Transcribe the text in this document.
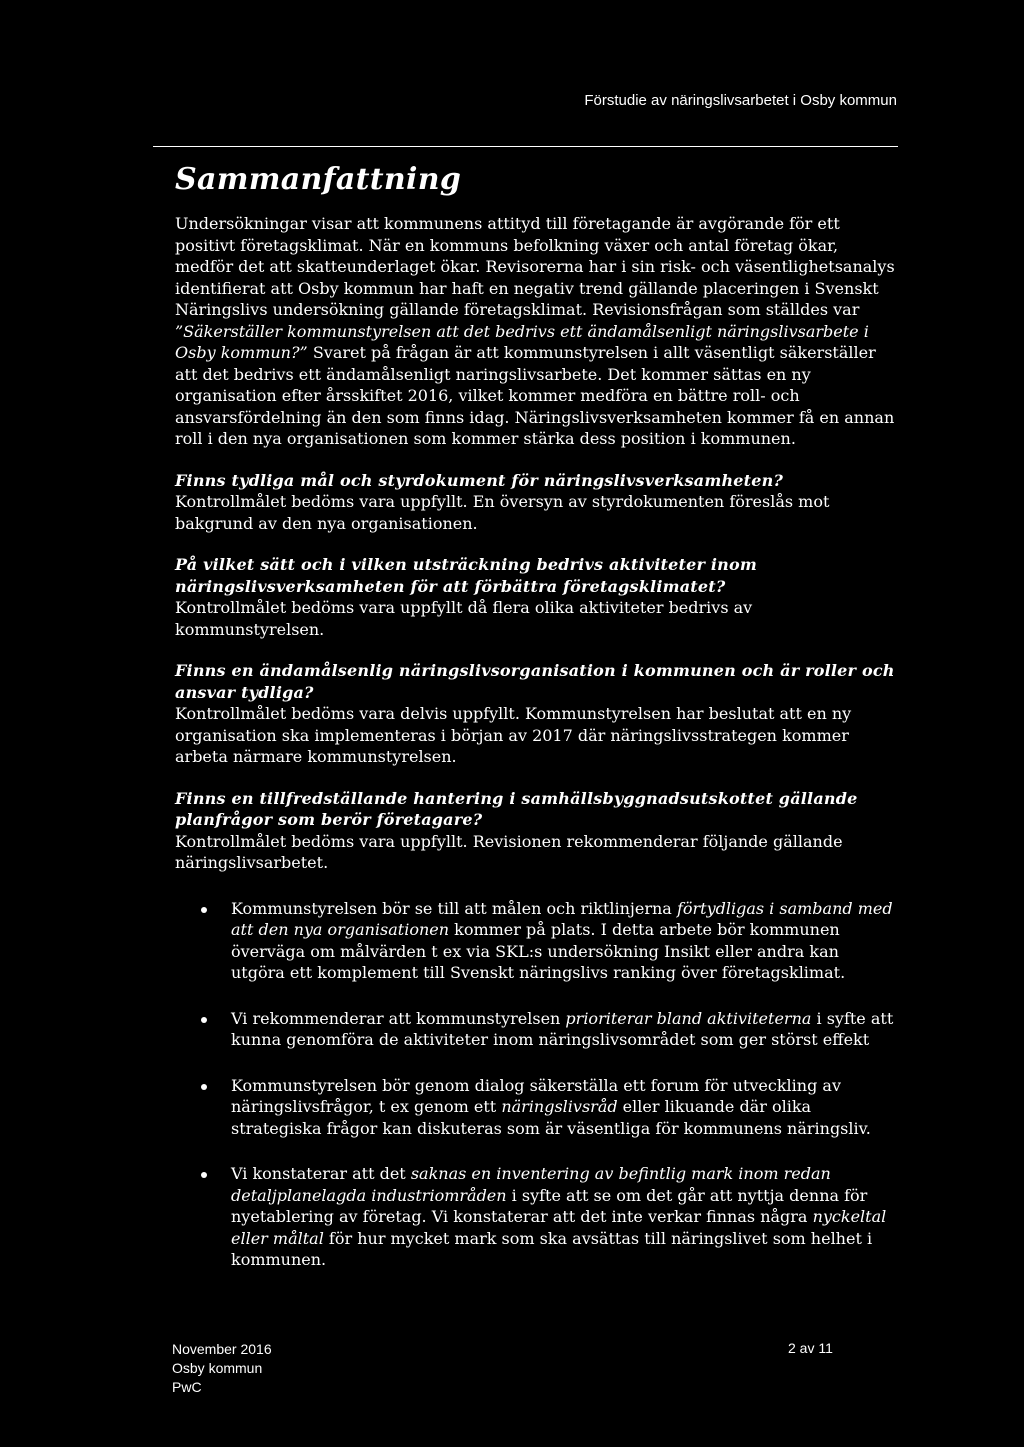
Förstudie av näringslivsarbetet i Osby kommun
Sammanfattning

Undersökningar visar att kommunens attityd till företagande är avgörande för ett positivt företagsklimat. När en kommuns befolkning växer och antal företag ökar, medför det att skatteunderlaget ökar. Revisorerna har i sin risk- och väsentlighetsanalys identifierat att Osby kommun har haft en negativ trend gällande placeringen i Svenskt Näringslivs undersökning gällande företagsklimat. Revisionsfrågan som ställdes var ”Säkerställer kommunstyrelsen att det bedrivs ett ändamålsenligt näringslivsarbete i Osby kommun?” Svaret på frågan är att kommunstyrelsen i allt väsentligt säkerställer att det bedrivs ett ändamålsenligt naringslivsarbete. Det kommer sättas en ny organisation efter årsskiftet 2016, vilket kommer medföra en bättre roll- och ansvarsfördelning än den som finns idag. Näringslivsverksamheten kommer få en annan roll i den nya organisationen som kommer stärka dess position i kommunen.

Finns tydliga mål och styrdokument för näringslivsverksamheten?

Kontrollmålet bedöms vara uppfyllt. En översyn av styrdokumenten föreslås mot bakgrund av den nya organisationen.

På vilket sätt och i vilken utsträckning bedrivs aktiviteter inom näringslivsverksamheten för att förbättra företagsklimatet?

Kontrollmålet bedöms vara uppfyllt då flera olika aktiviteter bedrivs av kommunstyrelsen.

Finns en ändamålsenlig näringslivsorganisation i kommunen och är roller och ansvar tydliga?

Kontrollmålet bedöms vara delvis uppfyllt. Kommunstyrelsen har beslutat att en ny organisation ska implementeras i början av 2017 där näringslivsstrategen kommer arbeta närmare kommunstyrelsen.

Finns en tillfredställande hantering i samhällsbyggnadsutskottet gällande planfrågor som berör företagare?

Kontrollmålet bedöms vara uppfyllt. Revisionen rekommenderar följande gällande näringslivsarbetet.

Kommunstyrelsen bör se till att målen och riktlinjerna förtydligas i samband med att den nya organisationen kommer på plats. I detta arbete bör kommunen överväga om målvärden t ex via SKL:s undersökning Insikt eller andra kan utgöra ett komplement till Svenskt näringslivs ranking över företagsklimat.
Vi rekommenderar att kommunstyrelsen prioriterar bland aktiviteterna i syfte att kunna genomföra de aktiviteter inom näringslivsområdet som ger störst effekt
Kommunstyrelsen bör genom dialog säkerställa ett forum för utveckling av näringslivsfrågor, t ex genom ett näringslivsråd eller likuande där olika strategiska frågor kan diskuteras som är väsentliga för kommunens näringsliv.
Vi konstaterar att det saknas en inventering av befintlig mark inom redan detaljplanelagda industriområden i syfte att se om det går att nyttja denna för nyetablering av företag. Vi konstaterar att det inte verkar finnas några nyckeltal eller måltal för hur mycket mark som ska avsättas till näringslivet som helhet i kommunen.
November 2016
Osby kommun
PwC
2 av 11
